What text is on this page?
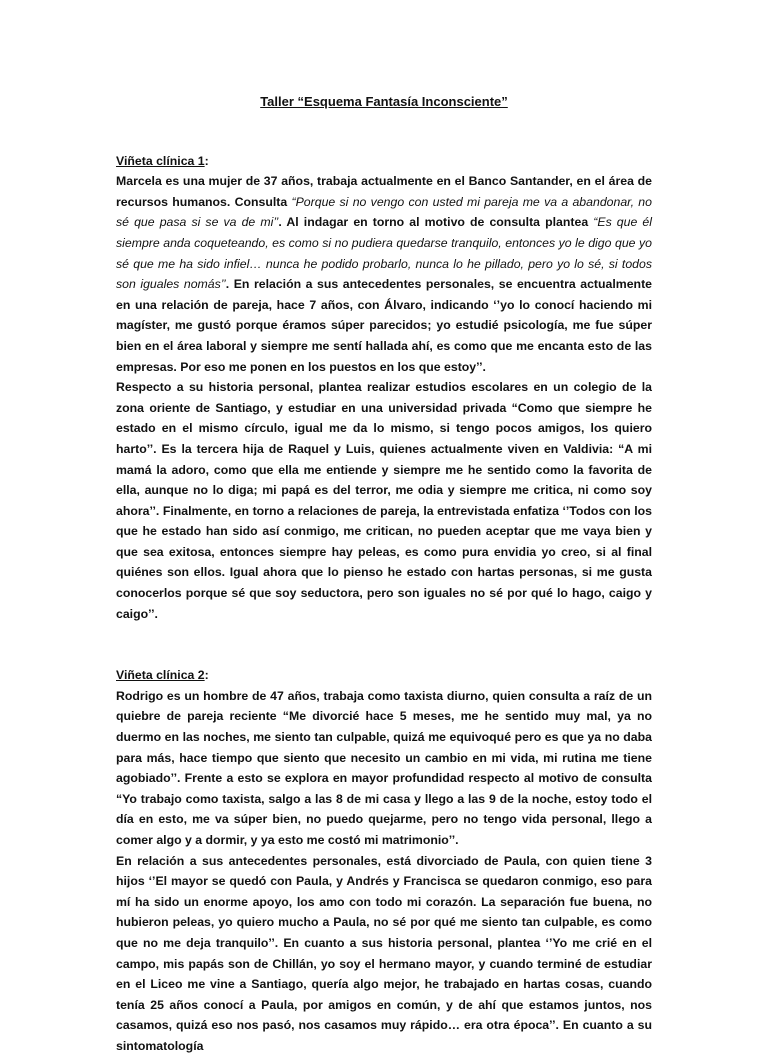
Taller “Esquema Fantasía Inconsciente”
Viñeta clínica 1:

Marcela es una mujer de 37 años, trabaja actualmente en el Banco Santander, en el área de recursos humanos. Consulta “Porque si no vengo con usted mi pareja me va a abandonar, no sé que pasa si se va de mi’’. Al indagar en torno al motivo de consulta plantea “Es que él siempre anda coqueteando, es como si no pudiera quedarse tranquilo, entonces yo le digo que yo sé que me ha sido infiel… nunca he podido probarlo, nunca lo he pillado, pero yo lo sé, si todos son iguales nomás’’. En relación a sus antecedentes personales, se encuentra actualmente en una relación de pareja, hace 7 años, con Álvaro, indicando ‘’yo lo conocí haciendo mi magíster, me gustó porque éramos súper parecidos; yo estudié psicología, me fue súper bien en el área laboral y siempre me sentí hallada ahí, es como que me encanta esto de las empresas. Por eso me ponen en los puestos en los que estoy’’.

Respecto a su historia personal, plantea realizar estudios escolares en un colegio de la zona oriente de Santiago, y estudiar en una universidad privada “Como que siempre he estado en el mismo círculo, igual me da lo mismo, si tengo pocos amigos, los quiero harto’’. Es la tercera hija de Raquel y Luis, quienes actualmente viven en Valdivia: “A mi mamá la adoro, como que ella me entiende y siempre me he sentido como la favorita de ella, aunque no lo diga; mi papá es del terror, me odia y siempre me critica, ni como soy ahora’’. Finalmente, en torno a relaciones de pareja, la entrevistada enfatiza ‘’Todos con los que he estado han sido así conmigo, me critican, no pueden aceptar que me vaya bien y que sea exitosa, entonces siempre hay peleas, es como pura envidia yo creo, si al final quiénes son ellos. Igual ahora que lo pienso he estado con hartas personas, si me gusta conocerlos porque sé que soy seductora, pero son iguales no sé por qué lo hago, caigo y caigo’’.

Viñeta clínica 2:

Rodrigo es un hombre de 47 años, trabaja como taxista diurno, quien consulta a raíz de un quiebre de pareja reciente “Me divorcié hace 5 meses, me he sentido muy mal, ya no duermo en las noches, me siento tan culpable, quizá me equivoqué pero es que ya no daba para más, hace tiempo que siento que necesito un cambio en mi vida, mi rutina me tiene agobiado’’. Frente a esto se explora en mayor profundidad respecto al motivo de consulta “Yo trabajo como taxista, salgo a las 8 de mi casa y llego a las 9 de la noche, estoy todo el día en esto, me va súper bien, no puedo quejarme, pero no tengo vida personal, llego a comer algo y a dormir, y ya esto me costó mi matrimonio’’.

En relación a sus antecedentes personales, está divorciado de Paula, con quien tiene 3 hijos ‘’El mayor se quedó con Paula, y Andrés y Francisca se quedaron conmigo, eso para mí ha sido un enorme apoyo, los amo con todo mi corazón. La separación fue buena, no hubieron peleas, yo quiero mucho a Paula, no sé por qué me siento tan culpable, es como que no me deja tranquilo’’. En cuanto a sus historia personal, plantea ‘’Yo me crié en el campo, mis papás son de Chillán, yo soy el hermano mayor, y cuando terminé de estudiar en el Liceo me vine a Santiago, quería algo mejor, he trabajado en hartas cosas, cuando tenía 25 años conocí a Paula, por amigos en común, y de ahí que estamos juntos, nos casamos, quizá eso nos pasó, nos casamos muy rápido… era otra época’’. En cuanto a su sintomatología
